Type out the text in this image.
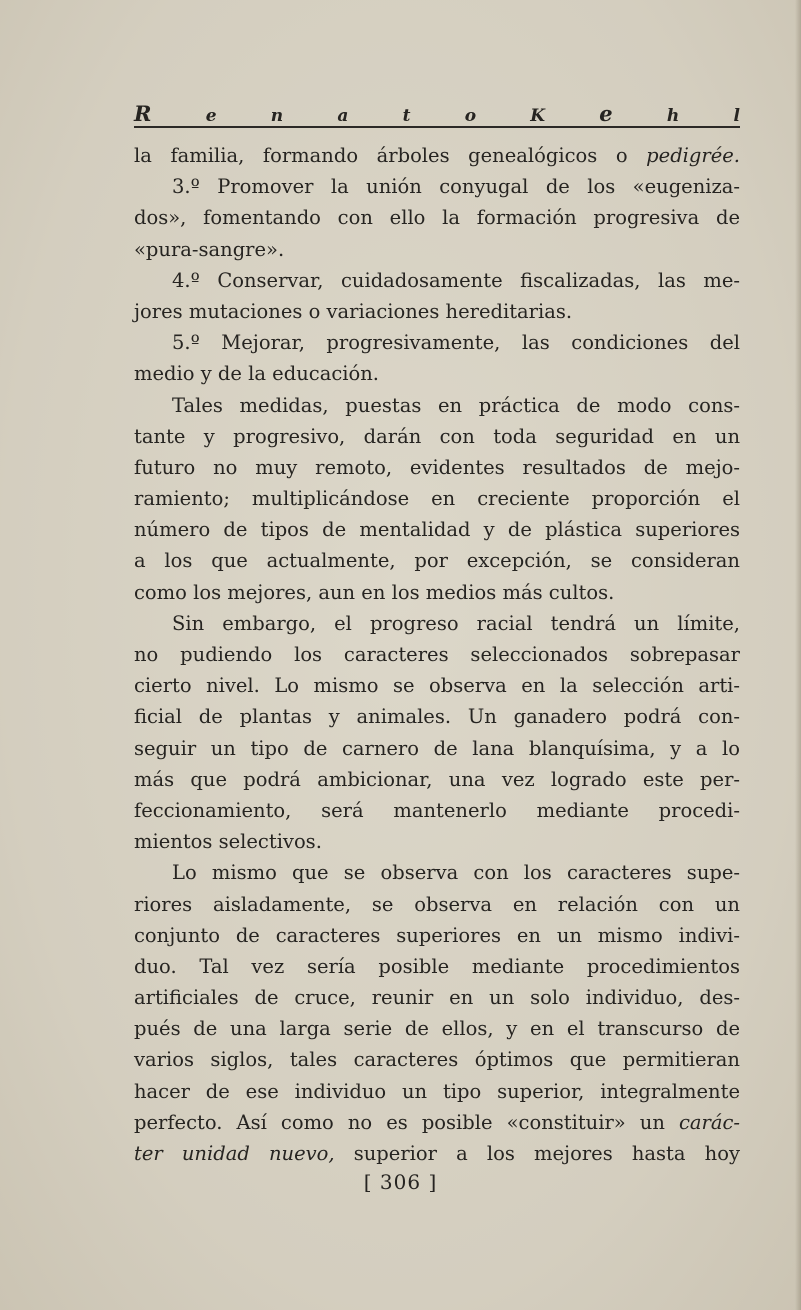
R	e	n	a	t	o	K	e	h	l
la familia, formando árboles genealógicos o pedigrée.
3.º Promover la unión conyugal de los «eugeniza-
dos», fomentando con ello la formación progresiva de
«pura-sangre».
4.º Conservar, cuidadosamente fiscalizadas, las me-
jores mutaciones o variaciones hereditarias.
5.º Mejorar, progresivamente, las condiciones del
medio y de la educación.
Tales medidas, puestas en práctica de modo cons-
tante y progresivo, darán con toda seguridad en un
futuro no muy remoto, evidentes resultados de mejo-
ramiento; multiplicándose en creciente proporción el
número de tipos de mentalidad y de plástica superiores
a los que actualmente, por excepción, se consideran
como los mejores, aun en los medios más cultos.
Sin embargo, el progreso racial tendrá un límite,
no pudiendo los caracteres seleccionados sobrepasar
cierto nivel. Lo mismo se observa en la selección arti-
ficial de plantas y animales. Un ganadero podrá con-
seguir un tipo de carnero de lana blanquísima, y a lo
más que podrá ambicionar, una vez logrado este per-
feccionamiento, será mantenerlo mediante procedi-
mientos selectivos.
Lo mismo que se observa con los caracteres supe-
riores aisladamente, se observa en relación con un
conjunto de caracteres superiores en un mismo indivi-
duo. Tal vez sería posible mediante procedimientos
artificiales de cruce, reunir en un solo individuo, des-
pués de una larga serie de ellos, y en el transcurso de
varios siglos, tales caracteres óptimos que permitieran
hacer de ese individuo un tipo superior, integralmente
perfecto. Así como no es posible «constituir» un carác-
ter unidad nuevo, superior a los mejores hasta hoy
[ 306 ]
